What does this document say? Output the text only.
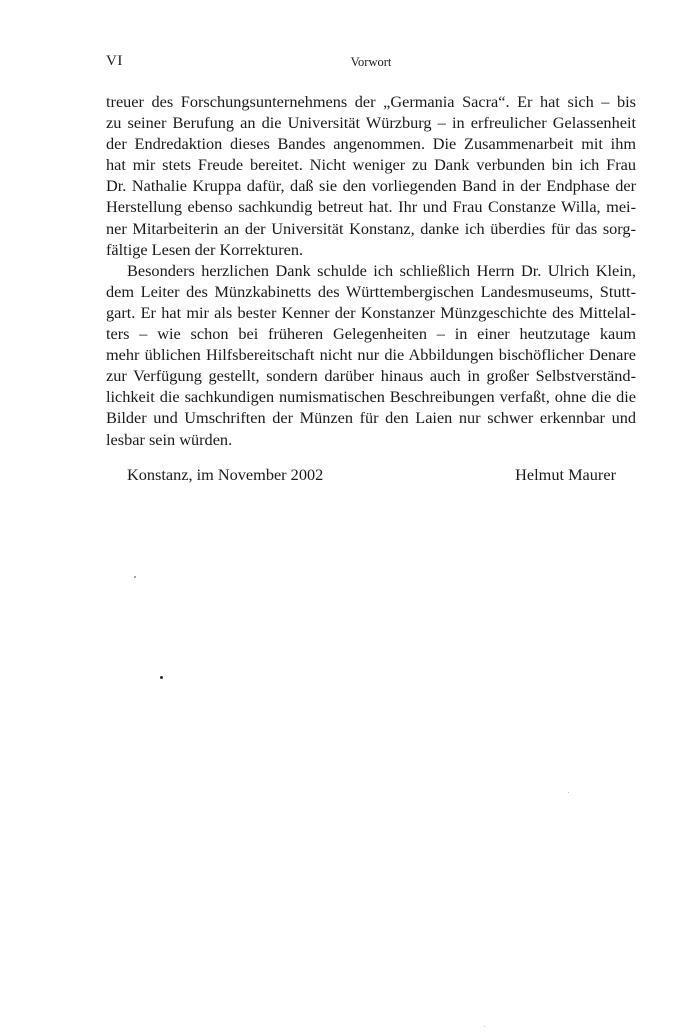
VI	Vorwort
treuer des Forschungsunternehmens der „Germania Sacra“. Er hat sich – bis
zu seiner Berufung an die Universität Würzburg – in erfreulicher Gelassenheit
der Endredaktion dieses Bandes angenommen. Die Zusammenarbeit mit ihm
hat mir stets Freude bereitet. Nicht weniger zu Dank verbunden bin ich Frau
Dr. Nathalie Kruppa dafür, daß sie den vorliegenden Band in der Endphase der
Herstellung ebenso sachkundig betreut hat. Ihr und Frau Constanze Willa, mei-
ner Mitarbeiterin an der Universität Konstanz, danke ich überdies für das sorg-
fältige Lesen der Korrekturen.
Besonders herzlichen Dank schulde ich schließlich Herrn Dr. Ulrich Klein,
dem Leiter des Münzkabinetts des Württembergischen Landesmuseums, Stutt-
gart. Er hat mir als bester Kenner der Konstanzer Münzgeschichte des Mittelal-
ters – wie schon bei früheren Gelegenheiten – in einer heutzutage kaum
mehr üblichen Hilfsbereitschaft nicht nur die Abbildungen bischöflicher Denare
zur Verfügung gestellt, sondern darüber hinaus auch in großer Selbstverständ-
lichkeit die sachkundigen numismatischen Beschreibungen verfaßt, ohne die die
Bilder und Umschriften der Münzen für den Laien nur schwer erkennbar und
lesbar sein würden.
Konstanz, im November 2002	Helmut Maurer
